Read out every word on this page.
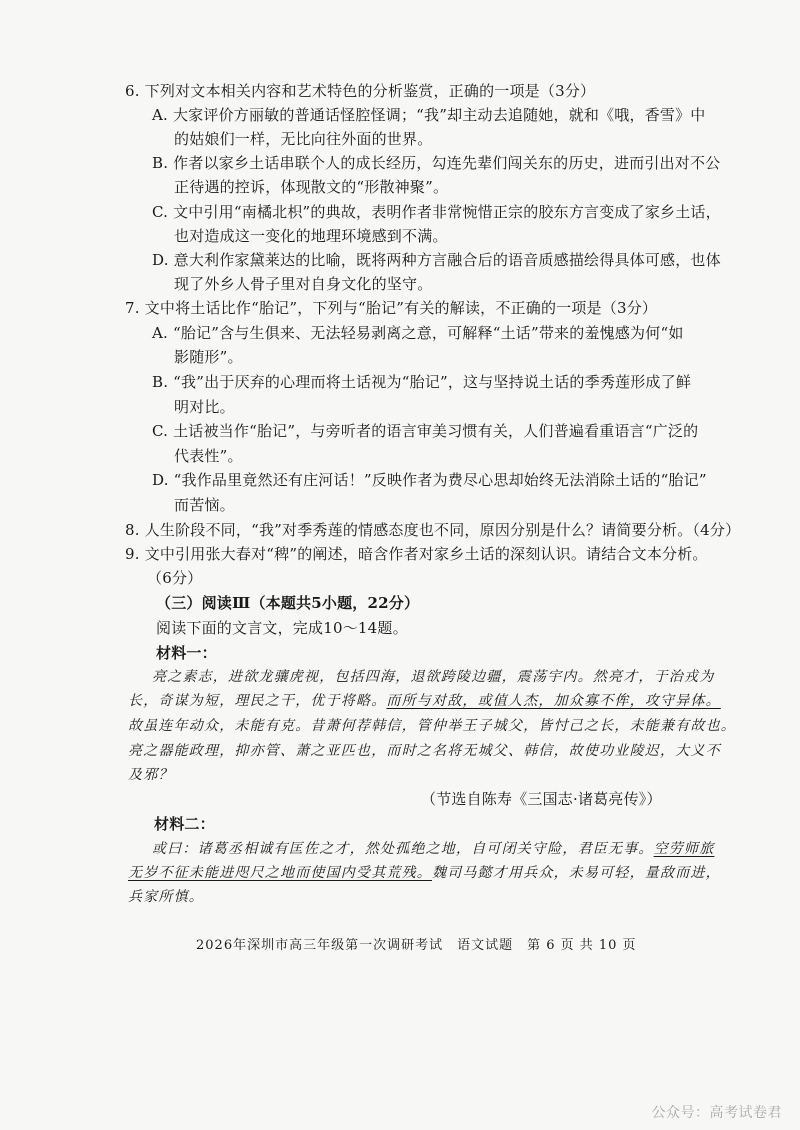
6. 下列对文本相关内容和艺术特色的分析鉴赏，正确的一项是（3分）
A. 大家评价方丽敏的普通话怪腔怪调；“我”却主动去追随她，就和《哦，香雪》中
的姑娘们一样，无比向往外面的世界。
B. 作者以家乡土话串联个人的成长经历，勾连先辈们闯关东的历史，进而引出对不公
正待遇的控诉，体现散文的“形散神聚”。
C. 文中引用“南橘北枳”的典故，表明作者非常惋惜正宗的胶东方言变成了家乡土话，
也对造成这一变化的地理环境感到不满。
D. 意大利作家黛莱达的比喻，既将两种方言融合后的语音质感描绘得具体可感，也体
现了外乡人骨子里对自身文化的坚守。
7. 文中将土话比作“胎记”，下列与“胎记”有关的解读，不正确的一项是（3分）
A. “胎记”含与生俱来、无法轻易剥离之意，可解释“土话”带来的羞愧感为何“如
影随形”。
B. “我”出于厌弃的心理而将土话视为“胎记”，这与坚持说土话的季秀莲形成了鲜
明对比。
C. 土话被当作“胎记”，与旁听者的语言审美习惯有关，人们普遍看重语言“广泛的
代表性”。
D. “我作品里竟然还有庄河话！”反映作者为费尽心思却始终无法消除土话的“胎记”
而苦恼。
8. 人生阶段不同，“我”对季秀莲的情感态度也不同，原因分别是什么？请简要分析。（4分）
9. 文中引用张大春对“稗”的阐述，暗含作者对家乡土话的深刻认识。请结合文本分析。
（6分）
（三）阅读Ⅲ（本题共5小题，22分）
阅读下面的文言文，完成10～14题。
材料一：
亮之素志，进欲龙骧虎视，包括四海，退欲跨陵边疆，震荡宇内。然亮才，于治戎为
长，奇谋为短，理民之干，优于将略。而所与对敌，或值人杰，加众寡不侔，攻守异体。
故虽连年动众，未能有克。昔萧何荐韩信，管仲举王子城父，皆忖己之长，未能兼有故也。
亮之器能政理，抑亦管、萧之亚匹也，而时之名将无城父、韩信，故使功业陵迟，大义不
及邪？
（节选自陈寿《三国志·诸葛亮传》）
材料二：
或曰：诸葛丞相诚有匡佐之才，然处孤绝之地，自可闭关守险，君臣无事。空劳师旅
无岁不征未能进咫尺之地而使国内受其荒残。魏司马懿才用兵众，未易可轻，量敌而进，
兵家所慎。
2026年深圳市高三年级第一次调研考试　语文试题　第 6 页 共 10 页
公众号：高考试卷君
